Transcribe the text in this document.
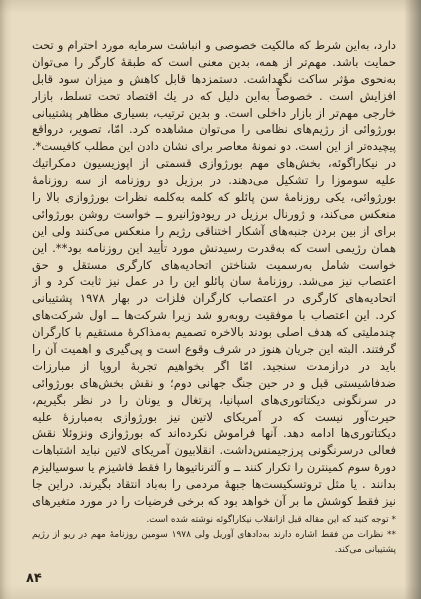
دارد، به‌این شرط که مالکیت خصوصی و انباشت سرمایه مورد احترام و تحت
حمایت باشد. مهم‌تر از همه، بدین معنی است که طبقهٔ کارگر را می‌توان
به‌نحوی مؤثر ساکت نگهداشت. دستمزدها قابل کاهش و میزان سود قابل
افزایش است . خصوصاً به‌این دلیل که در یك اقتصاد تحت تسلط، بازار
خارجی مهم‌تر از بازار داخلی است. و بدین ترتیب، بسیاری مظاهر پشتیبانی
بورژوائی از رژیم‌های نظامی را می‌توان مشاهده کرد. امّا، تصویر، درواقع
پیچیده‌تر از این است. دو نمونهٔ معاصر برای نشان دادن این مطلب کافیست*.
در نیکاراگوئه، بخش‌های مهم بورژوازی قسمتی از اپوزیسیون دمکراتیك
علیه سوموزا را تشکیل می‌دهند. در برزیل دو روزنامه از سه روزنامهٔ
بورژوائی، یکی روزنامهٔ سن پائلو که کلمه به‌کلمه نظرات بورژوازی بالا را
منعکس می‌کند، و ژورنال برزیل در ریودوژانیرو ــ خواست روشن بورژوائی
برای از بین بردن جنبه‌های آشکار اختناقی رژیم را منعکس می‌کنند ولی این
همان رژیمی است که به‌قدرت رسیدنش مورد تأیید این روزنامه بود**. این
خواست شامل به‌رسمیت شناختن اتحادیه‌های کارگری مستقل و حق
اعتصاب نیز می‌شد. روزنامهٔ سان پائلو این را در عمل نیز ثابت کرد و از
اتحادیه‌های کارگری در اعتصاب کارگران فلزات در بهار ۱۹۷۸ پشتیبانی
کرد. این اعتصاب با موفقیت روبه‌رو شد زیرا شرکت‌ها ــ اول شرکت‌های
چندملیتی که هدف اصلی بودند بالاخره تصمیم به‌مذاکرهٔ مستقیم با کارگران
گرفتند. البته این جریان هنوز در شرف وقوع است و پی‌گیری و اهمیت آن را
باید در درازمدت سنجید. امّا اگر بخواهیم تجربهٔ اروپا از مبارزات
ضدفاشیستی قبل و در حین جنگ جهانی دوم؛ و نقش بخش‌های بورژوائی
در سرنگونی دیکتاتوری‌های اسپانیا، پرتغال و یونان را در نظر بگیریم،
حیرت‌آور نیست که در آمریکای لاتین نیز بورژوازی به‌مبارزهٔ علیه
دیکتاتوری‌ها ادامه دهد. آنها فراموش نکرده‌اند که بورژوازی ونزوئلا نقش
فعالی درسرنگونی پرزجیمنس‌داشت. انقلابیون آمریکای لاتین نباید اشتباهات
دورهٔ سوم کمینترن را تکرار کنند ــ و آلترناتیوها را فقط فاشیزم یا سوسیالیزم
بدانند . یا مثل تروتسکیست‌ها جبههٔ مردمی را به‌باد انتقاد بگیرند. دراین جا
نیز فقط کوشش ما بر آن خواهد بود که برخی فرضیات را در مورد متغیرهای
* توجه کنید که این مقاله قبل ازانقلاب نیکاراگوئه نوشته شده است.
** نظرات من فقط اشاره دارند به‌دادهای آوریل ولی ۱۹۷۸ سومین روزنامهٔ مهم در ریو از رژیم
پشتیبانی می‌کند.
۸۴
